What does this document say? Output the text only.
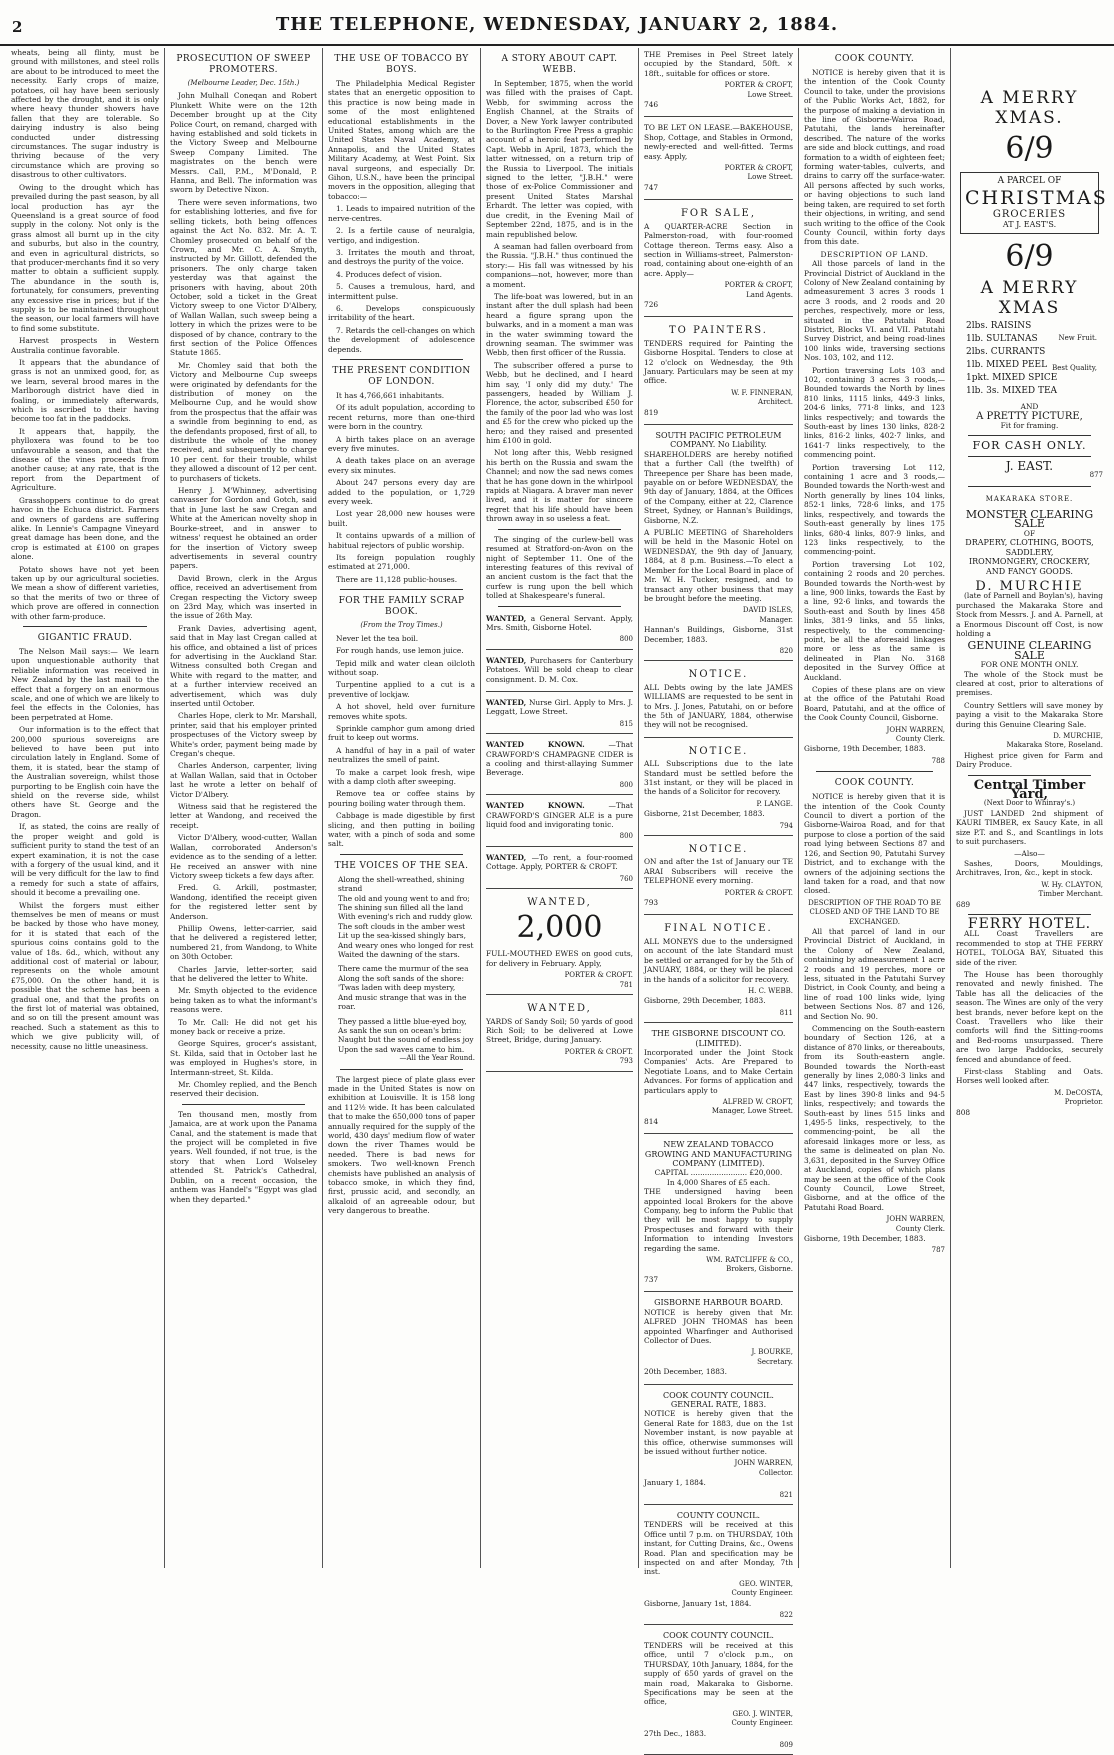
2	THE TELEPHONE, WEDNESDAY, JANUARY 2, 1884.

wheats, being all flinty, must be ground with millstones, and steel rolls are about to be introduced to meet the necessity. Early crops of maize, potatoes, oil hay have been seriously affected by the drought, and it is only where heavy thunder showers have fallen that they are tolerable. So dairying industry is also being conducted under distressing circumstances. The sugar industry is thriving because of the very circumstance which are proving so disastrous to other cultivators.

Owing to the drought which has prevailed during the past season, by all local production has ayr the Queensland is a great source of food supply in the colony. Not only is the grass almost all burnt up in the city and suburbs, but also in the country, and even in agricultural districts, so that producer-merchants find it so very matter to obtain a sufficient supply. The abundance in the south is, fortunately, for consumers, preventing any excessive rise in prices; but if the supply is to be maintained throughout the season, our local farmers will have to find some substitute.

Harvest prospects in Western Australia continue favorable.

It appears that the abundance of grass is not an unmixed good, for, as we learn, several brood mares in the Marlborough district have died in foaling, or immediately afterwards, which is ascribed to their having become too fat in the paddocks.

It appears that, happily, the phylloxera was found to be too unfavourable a season, and that the disease of the vines proceeds from another cause; at any rate, that is the report from the Department of Agriculture.

Grasshoppers continue to do great havoc in the Echuca district. Farmers and owners of gardens are suffering alike. In Lennie's Campagne Vineyard great damage has been done, and the crop is estimated at £100 on grapes alone.

Potato shows have not yet been taken up by our agricultural societies. We mean a show of different varieties, so that the merits of two or three of which prove are offered in connection with other farm-produce.

GIGANTIC FRAUD.

The Nelson Mail says:— We learn upon unquestionable authority that reliable information was received in New Zealand by the last mail to the effect that a forgery on an enormous scale, and one of which we are likely to feel the effects in the Colonies, has been perpetrated at Home.

Our information is to the effect that 200,000 spurious sovereigns are believed to have been put into circulation lately in England. Some of them, it is stated, bear the stamp of the Australian sovereign, whilst those purporting to be English coin have the shield on the reverse side, whilst others have St. George and the Dragon.

If, as stated, the coins are really of the proper weight and gold is sufficient purity to stand the test of an expert examination, it is not the case with a forgery of the usual kind, and it will be very difficult for the law to find a remedy for such a state of affairs, should it become a prevailing one.

Whilst the forgers must either themselves be men of means or must be backed by those who have money, for it is stated that each of the spurious coins contains gold to the value of 18s. 6d., which, without any additional cost of material or labour, represents on the whole amount £75,000. On the other hand, it is possible that the scheme has been a gradual one, and that the profits on the first lot of material was obtained, and so on till the present amount was reached. Such a statement as this to which we give publicity will, of necessity, cause no little uneasiness.

PROSECUTION OF SWEEP PROMOTERS.
(Melbourne Leader, Dec. 15th.)

John Mulhall Coneqan and Robert Plunkett White were on the 12th December brought up at the City Police Court, on remand, charged with having established and sold tickets in the Victory Sweep and Melbourne Sweep Company Limited. The magistrates on the bench were Messrs. Call, P.M., M'Donald, P. Hanna, and Bell. The information was sworn by Detective Nixon.

There were seven informations, two for establishing lotteries, and five for selling tickets, both being offences against the Act No. 832. Mr. A. T. Chomley prosecuted on behalf of the Crown, and Mr. C. A. Smyth, instructed by Mr. Gillott, defended the prisoners. The only charge taken yesterday was that against the prisoners with having, about 20th October, sold a ticket in the Great Victory sweep to one Victor D'Albery, of Wallan Wallan, such sweep being a lottery in which the prizes were to be disposed of by chance, contrary to the first section of the Police Offences Statute 1865.

Mr. Chomley said that both the Victory and Melbourne Cup sweeps were originated by defendants for the distribution of money on the Melbourne Cup, and he would show from the prospectus that the affair was a swindle from beginning to end, as the defendants proposed, first of all, to distribute the whole of the money received, and subsequently to charge 10 per cent. for their trouble, whilst they allowed a discount of 12 per cent. to purchasers of tickets.

Henry J. M'Whinney, advertising canvasser for Gordon and Gotch, said that in June last he saw Cregan and White at the American novelty shop in Bourke-street, and in answer to witness' request he obtained an order for the insertion of Victory sweep advertisements in several country papers.

David Brown, clerk in the Argus office, received an advertisement from Cregan respecting the Victory sweep on 23rd May, which was inserted in the issue of 26th May.

Frank Davies, advertising agent, said that in May last Cregan called at his office, and obtained a list of prices for advertising in the Auckland Star. Witness consulted both Cregan and White with regard to the matter, and at a further interview received an advertisement, which was duly inserted until October.

Charles Hope, clerk to Mr. Marshall, printer, said that his employer printed prospectuses of the Victory sweep by White's order, payment being made by Cregan's cheque.

Charles Anderson, carpenter, living at Wallan Wallan, said that in October last he wrote a letter on behalf of Victor D'Albery.

Witness said that he registered the letter at Wandong, and received the receipt.

Victor D'Albery, wood-cutter, Wallan Wallan, corroborated Anderson's evidence as to the sending of a letter. He received an answer with nine Victory sweep tickets a few days after.

Fred. G. Arkill, postmaster, Wandong, identified the receipt given for the registered letter sent by Anderson.

Phillip Owens, letter-carrier, said that he delivered a registered letter, numbered 21, from Wandong, to White on 30th October.

Charles Jarvie, letter-sorter, said that he delivered the letter to White.

Mr. Smyth objected to the evidence being taken as to what the informant's reasons were.

To Mr. Call: He did not get his money back or receive a prize.

George Squires, grocer's assistant, St. Kilda, said that in October last he was employed in Hughes's store, in Intermann-street, St. Kilda.

Mr. Chomley replied, and the Bench reserved their decision.

Ten thousand men, mostly from Jamaica, are at work upon the Panama Canal, and the statement is made that the project will be completed in five years. Well founded, if not true, is the story that when Lord Wolseley attended St. Patrick's Cathedral, Dublin, on a recent occasion, the anthem was Handel's "Egypt was glad when they departed."

THE USE OF TOBACCO BY BOYS.

The Philadelphia Medical Register states that an energetic opposition to this practice is now being made in some of the most enlightened educational establishments in the United States, among which are the United States Naval Academy, at Annapolis, and the United States Military Academy, at West Point. Six naval surgeons, and especially Dr. Gihon, U.S.N., have been the principal movers in the opposition, alleging that tobacco:—

1. Leads to impaired nutrition of the nerve-centres.

2. Is a fertile cause of neuralgia, vertigo, and indigestion.

3. Irritates the mouth and throat, and destroys the purity of the voice.

4. Produces defect of vision.

5. Causes a tremulous, hard, and intermittent pulse.

6. Develops conspicuously irritability of the heart.

7. Retards the cell-changes on which the development of adolescence depends.

THE PRESENT CONDITION OF LONDON.

It has 4,766,661 inhabitants.

Of its adult population, according to recent returns, more than one-third were born in the country.

A birth takes place on an average every five minutes.

A death takes place on an average every six minutes.

About 247 persons every day are added to the population, or 1,729 every week.

Lost year 28,000 new houses were built.

It contains upwards of a million of habitual rejectors of public worship.

Its foreign population roughly estimated at 271,000.

There are 11,128 public-houses.

FOR THE FAMILY SCRAP BOOK.
(From the Troy Times.)

Never let the tea boil.

For rough hands, use lemon juice.

Tepid milk and water clean oilcloth without soap.

Turpentine applied to a cut is a preventive of lockjaw.

A hot shovel, held over furniture removes white spots.

Sprinkle camphor gum among dried fruit to keep out worms.

A handful of hay in a pail of water neutralizes the smell of paint.

To make a carpet look fresh, wipe with a damp cloth after sweeping.

Remove tea or coffee stains by pouring boiling water through them.

Cabbage is made digestible by first slicing, and then putting in boiling water, with a pinch of soda and some salt.

THE VOICES OF THE SEA.

Along the shell-wreathed, shining strand

The old and young went to and fro;

The shining sun filled all the land

With evening's rich and ruddy glow.

The soft clouds in the amber west

Lit up the sea-kissed shingly bars,

And weary ones who longed for rest

Waited the dawning of the stars.

There came the murmur of the sea

Along the soft sands of the shore:

'Twas laden with deep mystery,

And music strange that was in the roar.

They passed a little blue-eyed boy,

As sank the sun on ocean's brim:

Naught but the sound of endless joy

Upon the sad waves came to him.

—All the Year Round.

The largest piece of plate glass ever made in the United States is now on exhibition at Louisville. It is 158 long and 112½ wide. It has been calculated that to make the 650,000 tons of paper annually required for the supply of the world, 430 days' medium flow of water down the river Thames would be needed. There is bad news for smokers. Two well-known French chemists have published an analysis of tobacco smoke, in which they find, first, prussic acid, and secondly, an alkaloid of an agreeable odour, but very dangerous to breathe.

A STORY ABOUT CAPT. WEBB.

In September, 1875, when the world was filled with the praises of Capt. Webb, for swimming across the English Channel, at the Straits of Dover, a New York lawyer contributed to the Burlington Free Press a graphic account of a heroic feat performed by Capt. Webb in April, 1873, which the latter witnessed, on a return trip of the Russia to Liverpool. The initials signed to the letter, "J.B.H." were those of ex-Police Commissioner and present United States Marshal Erhardt. The letter was copied, with due credit, in the Evening Mail of September 22nd, 1875, and is in the main republished below.

A seaman had fallen overboard from the Russia. "J.B.H." thus continued the story:— His fall was witnessed by his companions—not, however, more than a moment.

The life-boat was lowered, but in an instant after the dull splash had been heard a figure sprang upon the bulwarks, and in a moment a man was in the water swimming toward the drowning seaman. The swimmer was Webb, then first officer of the Russia.

The subscriber offered a purse to Webb, but he declined, and I heard him say, 'I only did my duty.' The passengers, headed by William J. Florence, the actor, subscribed £50 for the family of the poor lad who was lost and £5 for the crew who picked up the hero; and they raised and presented him £100 in gold.

Not long after this, Webb resigned his berth on the Russia and swam the Channel; and now the sad news comes that he has gone down in the whirlpool rapids at Niagara. A braver man never lived, and it is matter for sincere regret that his life should have been thrown away in so useless a feat.

The singing of the curlew-bell was resumed at Stratford-on-Avon on the night of September 11. One of the interesting features of this revival of an ancient custom is the fact that the curfew is rung upon the bell which tolled at Shakespeare's funeral.

WANTED, a General Servant. Apply, Mrs. Smith, Gisborne Hotel.

800

WANTED, Purchasers for Canterbury Potatoes. Will be sold cheap to clear consignment. D. M. Cox.

WANTED, Nurse Girl. Apply to Mrs. J. Leggatt, Lowe Street.

815

WANTED KNOWN.	—That CRAWFORD'S CHAMPAGNE CIDER is a cooling and thirst-allaying Summer Beverage.

800

WANTED KNOWN.	—That CRAWFORD'S GINGER ALE is a pure liquid food and invigorating tonic.

800

WANTED, —To rent, a four-roomed Cottage. Apply, PORTER & CROFT.

760

WANTED,
2,000

FULL-MOUTHED EWES on good cuts, for delivery in February. Apply,

PORTER & CROFT.

781

WANTED,

YARDS of Sandy Soil; 50 yards of good Rich Soil; to be delivered at Lowe Street, Bridge, during January.

PORTER & CROFT.

793

THE Premises in Peel Street lately occupied by the Standard, 50ft. × 18ft., suitable for offices or store.

PORTER & CROFT,

Lowe Street.

746

TO BE LET ON LEASE.—BAKEHOUSE, Shop, Cottage, and Stables in Ormond, newly-erected and well-fitted. Terms easy. Apply,

PORTER & CROFT,

Lowe Street.

747

FOR SALE,

A QUARTER-ACRE Section in Palmerston-road, with four-roomed Cottage thereon. Terms easy. Also a section in Williams-street, Palmerston-road, containing about one-eighth of an acre. Apply—

PORTER & CROFT,

Land Agents.

726

TO PAINTERS.

TENDERS required for Painting the Gisborne Hospital. Tenders to close at 12 o'clock on Wednesday, the 9th January. Particulars may be seen at my office.

W. F. FINNERAN,

Architect.

819

SOUTH PACIFIC PETROLEUM COMPANY. No Liability.

SHAREHOLDERS are hereby notified that a further Call (the twelfth) of Threepence per Share has been made, payable on or before WEDNESDAY, the 9th day of January, 1884, at the Offices of the Company, either at 22, Clarence Street, Sydney, or Hannan's Buildings, Gisborne, N.Z.

A PUBLIC MEETING of Shareholders will be held in the Masonic Hotel on WEDNESDAY, the 9th day of January, 1884, at 8 p.m. Business.—To elect a Member for the Local Board in place of Mr. W. H. Tucker, resigned, and to transact any other business that may be brought before the meeting.

DAVID ISLES,

Manager.

Hannan's Buildings, Gisborne, 31st December, 1883.

820

NOTICE.

ALL Debts owing by the late JAMES WILLIAMS are requested to be sent in to Mrs. J. Jones, Patutahi, on or before the 5th of JANUARY, 1884, otherwise they will not be recognised.

NOTICE.

ALL Subscriptions due to the late Standard must be settled before the 31st instant, or they will be placed in the hands of a Solicitor for recovery.

P. LANGE.

Gisborne, 21st December, 1883.

794

NOTICE.

ON and after the 1st of January our TE ARAI Subscribers will receive the TELEPHONE every morning.

PORTER & CROFT.

793

FINAL NOTICE.

ALL MONEYS due to the undersigned on account of the late Standard must be settled or arranged for by the 5th of JANUARY, 1884, or they will be placed in the hands of a solicitor for recovery.

H. C. WEBB.

Gisborne, 29th December, 1883.

811

THE GISBORNE DISCOUNT CO. (LIMITED).

Incorporated under the Joint Stock Companies' Acts. Are Prepared to Negotiate Loans, and to Make Certain Advances. For forms of application and particulars apply to

ALFRED W. CROFT,

Manager, Lowe Street.

814

NEW ZEALAND TOBACCO GROWING AND MANUFACTURING COMPANY (LIMITED).
CAPITAL ........................ £20,000.
In 4,000 Shares of £5 each.

THE undersigned having been appointed local Brokers for the above Company, beg to inform the Public that they will be most happy to supply Prospectuses and forward with their Information to intending Investors regarding the same.

WM. RATCLIFFE & CO.,

Brokers, Gisborne.

737

GISBORNE HARBOUR BOARD.

NOTICE is hereby given that Mr. ALFRED JOHN THOMAS has been appointed Wharfinger and Authorised Collector of Dues.

J. BOURKE,

Secretary.

20th December, 1883.

COOK COUNTY COUNCIL.
GENERAL RATE, 1883.

NOTICE is hereby given that the General Rate for 1883, due on the 1st November instant, is now payable at this office, otherwise summonses will be issued without further notice.

JOHN WARREN,

Collector.

January 1, 1884.

821

COUNTY COUNCIL.

TENDERS will be received at this Office until 7 p.m. on THURSDAY, 10th instant, for Cutting Drains, &c., Owens Road. Plan and specification may be inspected on and after Monday, 7th inst.

GEO. WINTER,

County Engineer.

Gisborne, January 1st, 1884.

822

COOK COUNTY COUNCIL.

TENDERS will be received at this office, until 7 o'clock p.m., on THURSDAY, 10th January, 1884, for the supply of 650 yards of gravel on the main road, Makaraka to Gisborne. Specifications may be seen at the office,

GEO. J. WINTER,

County Engineer.

27th Dec., 1883.

809

COOK COUNTY.

NOTICE is hereby given that it is the intention of the Cook County Council to take, under the provisions of the Public Works Act, 1882, for the purpose of making a deviation in the line of Gisborne-Wairoa Road, Patutahi, the lands hereinafter described. The nature of the works are side and block cuttings, and road formation to a width of eighteen feet; forming water-tables, culverts, and drains to carry off the surface-water. All persons affected by such works, or having objections to such land being taken, are required to set forth their objections, in writing, and send such writing to the office of the Cook County Council, within forty days from this date.

DESCRIPTION OF LAND.

All those parcels of land in the Provincial District of Auckland in the Colony of New Zealand containing by admeasurement 3 acres 3 roods 1 acre 3 roods, and 2 roods and 20 perches, respectively, more or less, situated in the Patutahi Road District, Blocks VI. and VII. Patutahi Survey District, and being road-lines 100 links wide, traversing sections Nos. 103, 102, and 112.

Portion traversing Lots 103 and 102, containing 3 acres 3 roods,—Bounded towards the North by lines 810 links, 1115 links, 449·3 links, 204·6 links, 771·8 links, and 123 links respectively; and towards the South-east by lines 130 links, 828·2 links, 816·2 links, 402·7 links, and 1641·7 links respectively, to the commencing point.

Portion traversing Lot 112, containing 1 acre and 3 roods,—Bounded towards the North-west and North generally by lines 104 links, 852·1 links, 728·6 links, and 175 links, respectively, and towards the South-east generally by lines 175 links, 680·4 links, 807·9 links, and 123 links respectively, to the commencing-point.

Portion traversing Lot 102, containing 2 roods and 20 perches. Bounded towards the North-west by a line, 900 links, towards the East by a line, 92·6 links, and towards the South-east and South by lines 458 links, 381·9 links, and 55 links, respectively, to the commencing-point, be all the aforesaid linkages more or less as the same is delineated in Plan No. 3168 deposited in the Survey Office at Auckland.

Copies of these plans are on view at the office of the Patutahi Road Board, Patutahi, and at the office of the Cook County Council, Gisborne.

JOHN WARREN,

County Clerk.

Gisborne, 19th December, 1883.

788

COOK COUNTY.

NOTICE is hereby given that it is the intention of the Cook County Council to divert a portion of the Gisborne-Wairoa Road, and for that purpose to close a portion of the said road lying between Sections 87 and 126, and Section 90, Patutahi Survey District, and to exchange with the owners of the adjoining sections the land taken for a road, and that now closed.

DESCRIPTION OF THE ROAD TO BE CLOSED AND OF THE LAND TO BE EXCHANGED.

All that parcel of land in our Provincial District of Auckland, in the Colony of New Zealand, containing by admeasurement 1 acre 2 roods and 19 perches, more or less, situated in the Patutahi Survey District, in Cook County, and being a line of road 100 links wide, lying between Sections Nos. 87 and 126, and Section No. 90.

Commencing on the South-eastern boundary of Section 126, at a distance of 870 links, or thereabouts, from its South-eastern angle. Bounded towards the North-east generally by lines 2,080·3 links and 447 links, respectively, towards the East by lines 390·8 links and 94·5 links, respectively; and towards the South-east by lines 515 links and 1,495·5 links, respectively, to the commencing-point, be all the aforesaid linkages more or less, as the same is delineated on plan No. 3,631, deposited in the Survey Office at Auckland, copies of which plans may be seen at the office of the Cook County Council, Lowe Street, Gisborne, and at the office of the Patutahi Road Board.

JOHN WARREN,

County Clerk.

Gisborne, 19th December, 1883.

787

A MERRY XMAS.
6/9
A PARCEL OF
CHRISTMAS
GROCERIES
AT J. EAST'S.
6/9
A MERRY XMAS
2lbs. RAISINS
1lb. SULTANAS
2lbs. CURRANTS
1lb. MIXED PEEL
1pkt. MIXED SPICE
1lb. 3s. MIXED TEA
New Fruit.
Best Quality,
AND
A PRETTY PICTURE,
Fit for framing.
FOR CASH ONLY.
J. EAST.

877

MAKARAKA STORE.
MONSTER CLEARING SALE
OF
DRAPERY, CLOTHING, BOOTS,
SADDLERY,
IRONMONGERY, CROCKERY,
AND FANCY GOODS.
D. MURCHIE

(late of Parnell and Boylan's), having purchased the Makaraka Store and Stock from Messrs. J. and A. Parnell, at a Enormous Discount off Cost, is now holding a

GENUINE CLEARING SALE
FOR ONE MONTH ONLY.

The whole of the Stock must be cleared at cost, prior to alterations of premises.

Country Settlers will save money by paying a visit to the Makaraka Store during this Genuine Clearing Sale.

D. MURCHIE,

Makaraka Store, Roseland.

Highest price given for Farm and Dairy Produce.

Central Timber Yard,
(Next Door to Whinray's.)

JUST LANDED 2nd shipment of KAURI TIMBER, ex Saucy Kate, in all size P.T. and S., and Scantlings in lots to suit purchasers.

—Also—

Sashes, Doors, Mouldings, Architraves, Iron, &c., kept in stock.

W. Hy. CLAYTON,

Timber Merchant.

689

FERRY HOTEL.

ALL Coast Travellers are recommended to stop at THE FERRY HOTEL, TOLOGA BAY, Situated this side of the river.

The House has been thoroughly renovated and newly finished. The Table has all the delicacies of the season. The Wines are only of the very best brands, never before kept on the Coast. Travellers who like their comforts will find the Sitting-rooms and Bed-rooms unsurpassed. There are two large Paddocks, securely fenced and abundance of feed.

First-class Stabling and Oats. Horses well looked after.

M. DeCOSTA,

Proprietor.

808
